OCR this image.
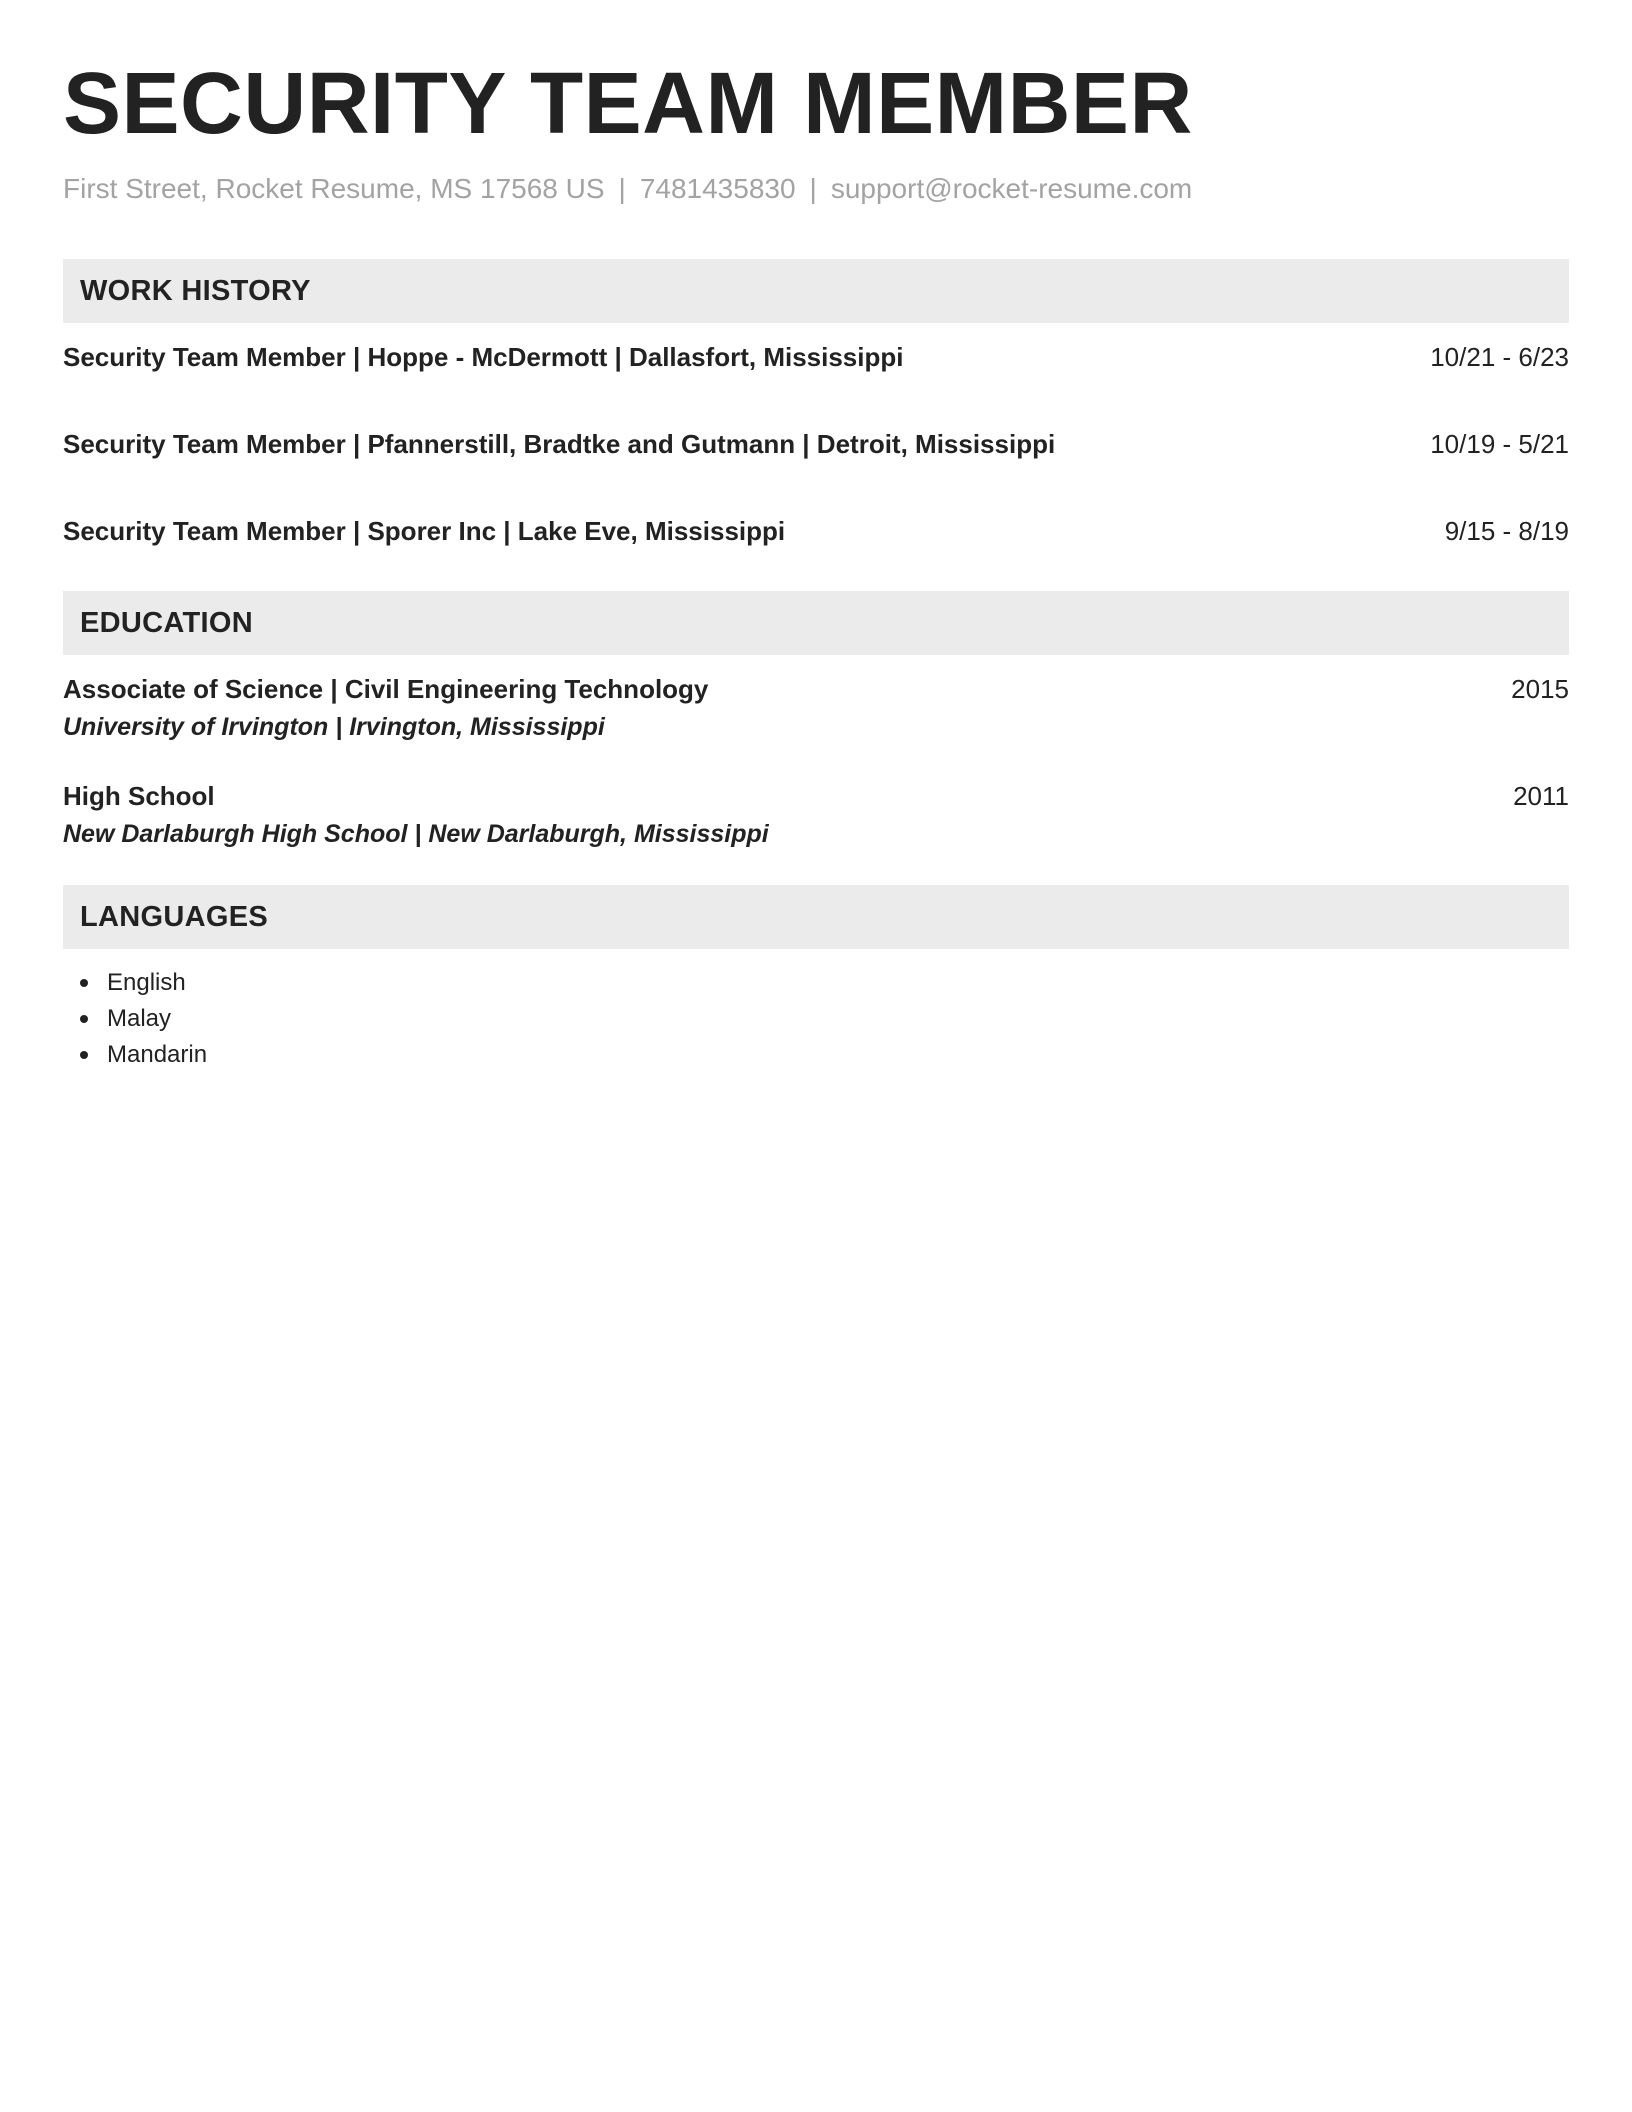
SECURITY TEAM MEMBER
First Street, Rocket Resume, MS 17568 US | 7481435830 | support@rocket-resume.com
WORK HISTORY
Security Team Member | Hoppe - McDermott | Dallasfort, Mississippi	10/21 - 6/23
Security Team Member | Pfannerstill, Bradtke and Gutmann | Detroit, Mississippi	10/19 - 5/21
Security Team Member | Sporer Inc | Lake Eve, Mississippi	9/15 - 8/19
EDUCATION
Associate of Science | Civil Engineering Technology	2015
University of Irvington | Irvington, Mississippi
High School	2011
New Darlaburgh High School | New Darlaburgh, Mississippi
LANGUAGES
English
Malay
Mandarin
